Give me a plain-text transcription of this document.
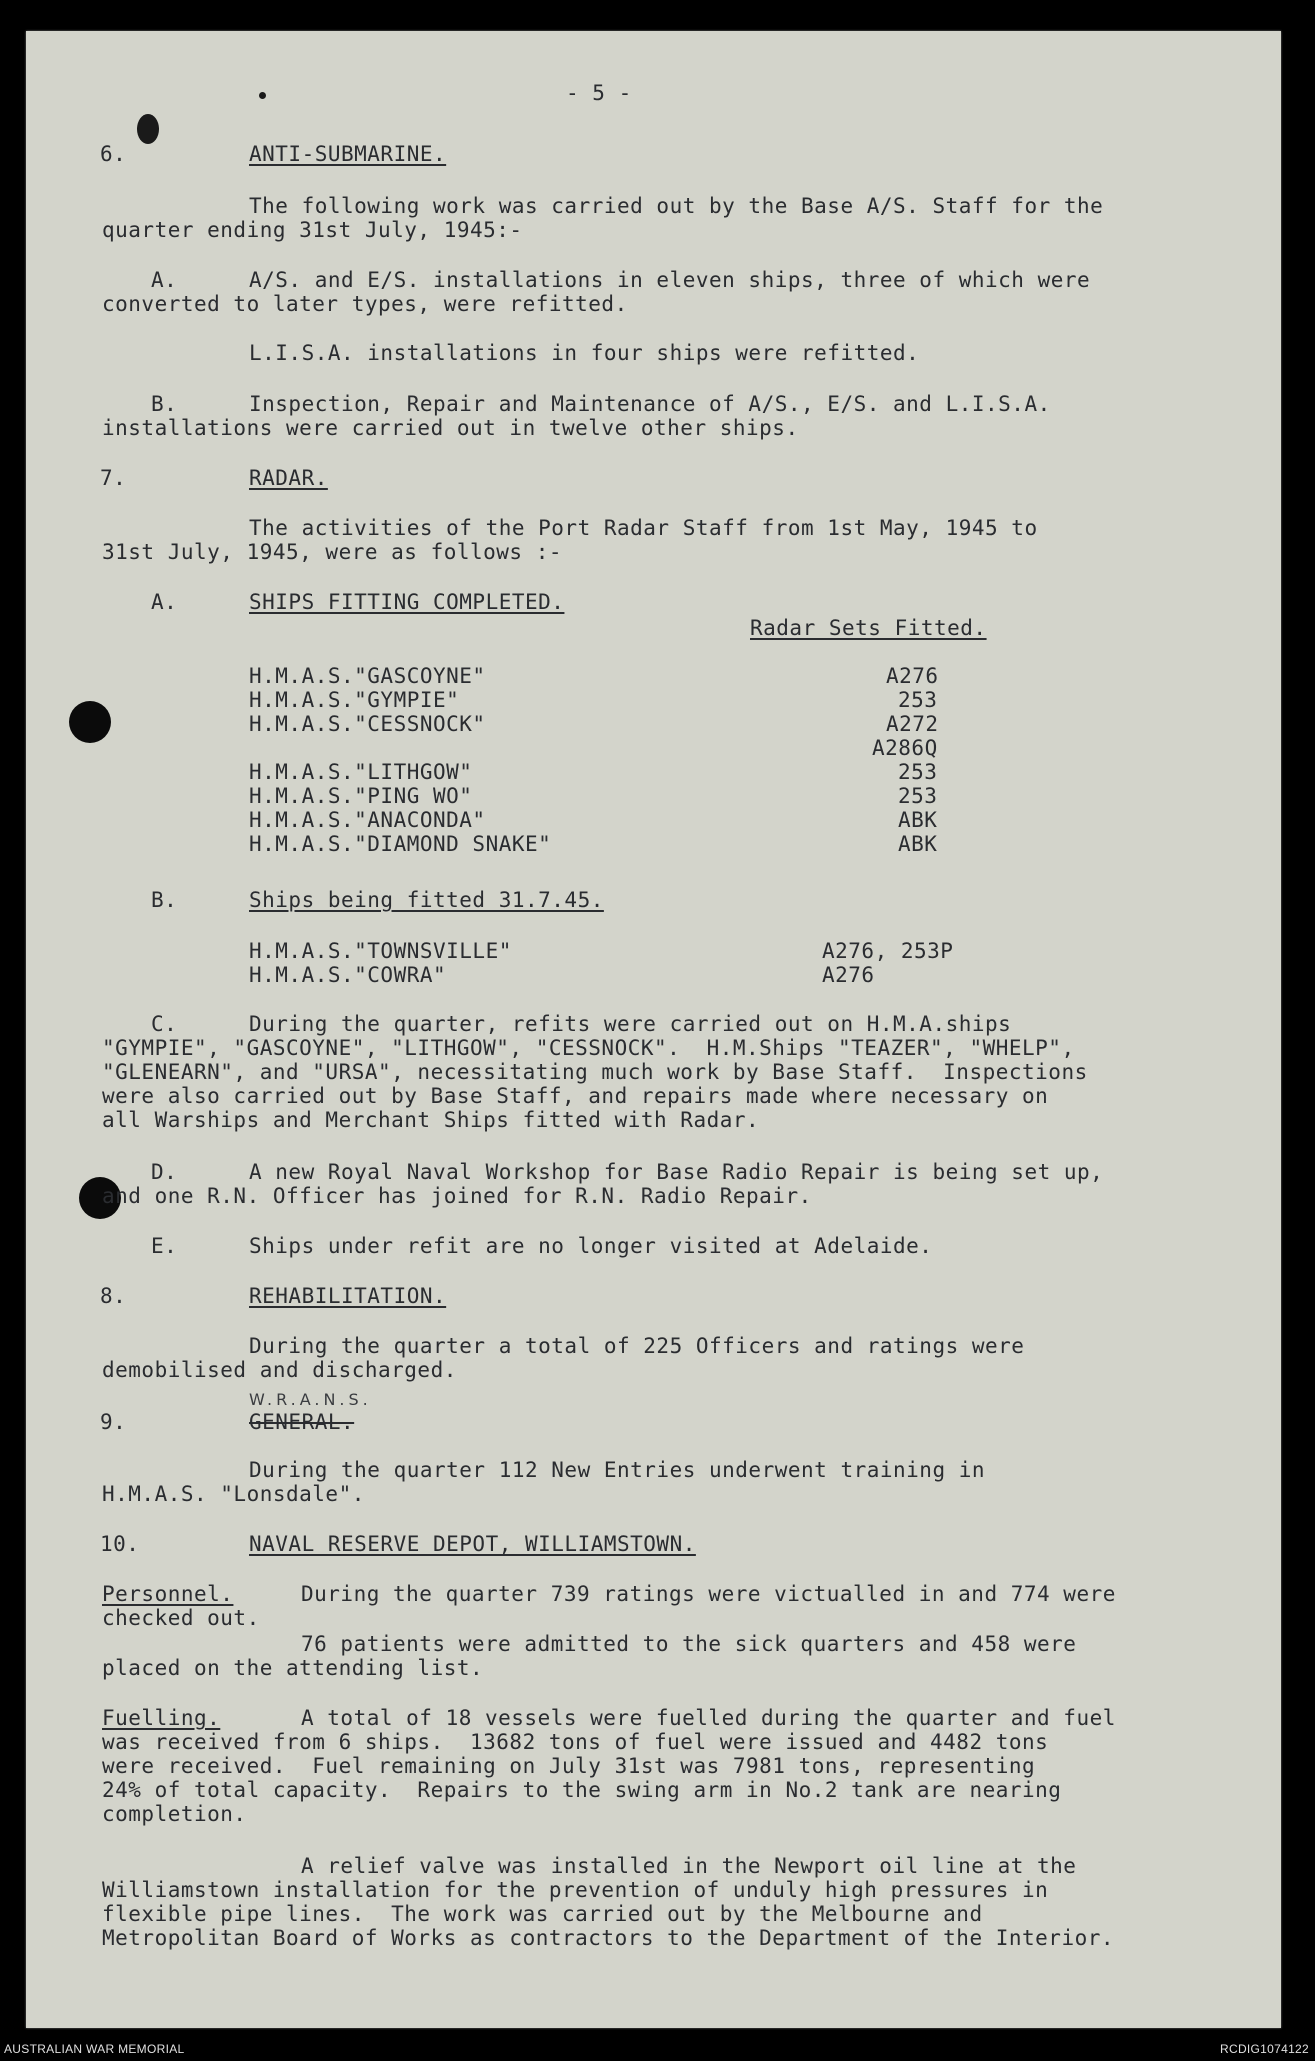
- 5 -
6.	ANTI-SUBMARINE.
The following work was carried out by the Base A/S. Staff for the
quarter ending 31st July, 1945:-
A.	A/S. and E/S. installations in eleven ships, three of which were
converted to later types, were refitted.
L.I.S.A. installations in four ships were refitted.
B.	Inspection, Repair and Maintenance of A/S., E/S. and L.I.S.A.
installations were carried out in twelve other ships.
7.	RADAR.
The activities of the Port Radar Staff from 1st May, 1945 to
31st July, 1945, were as follows :-
A.	SHIPS FITTING COMPLETED.
Radar Sets Fitted.
H.M.A.S."GASCOYNE"	A276
H.M.A.S."GYMPIE"	253
H.M.A.S."CESSNOCK"	A272
A286Q
H.M.A.S."LITHGOW"	253
H.M.A.S."PING WO"	253
H.M.A.S."ANACONDA"	ABK
H.M.A.S."DIAMOND SNAKE"	ABK
B.	Ships being fitted 31.7.45.
H.M.A.S."TOWNSVILLE"	A276, 253P
H.M.A.S."COWRA"	A276
C.	During the quarter, refits were carried out on H.M.A.ships
"GYMPIE", "GASCOYNE", "LITHGOW", "CESSNOCK".  H.M.Ships "TEAZER", "WHELP",
"GLENEARN", and "URSA", necessitating much work by Base Staff.  Inspections
were also carried out by Base Staff, and repairs made where necessary on
all Warships and Merchant Ships fitted with Radar.
D.	A new Royal Naval Workshop for Base Radio Repair is being set up,
and one R.N. Officer has joined for R.N. Radio Repair.
E.	Ships under refit are no longer visited at Adelaide.
8.	REHABILITATION.
During the quarter a total of 225 Officers and ratings were
demobilised and discharged.
W.R.A.N.S.
9.	GENERAL.
During the quarter 112 New Entries underwent training in
H.M.A.S. "Lonsdale".
10.	NAVAL RESERVE DEPOT, WILLIAMSTOWN.
Personnel.	During the quarter 739 ratings were victualled in and 774 were
checked out.
76 patients were admitted to the sick quarters and 458 were
placed on the attending list.
Fuelling.	A total of 18 vessels were fuelled during the quarter and fuel
was received from 6 ships.  13682 tons of fuel were issued and 4482 tons
were received.  Fuel remaining on July 31st was 7981 tons, representing
24% of total capacity.  Repairs to the swing arm in No.2 tank are nearing
completion.
A relief valve was installed in the Newport oil line at the
Williamstown installation for the prevention of unduly high pressures in
flexible pipe lines.  The work was carried out by the Melbourne and
Metropolitan Board of Works as contractors to the Department of the Interior.
AUSTRALIAN WAR MEMORIAL	RCDIG1074122
